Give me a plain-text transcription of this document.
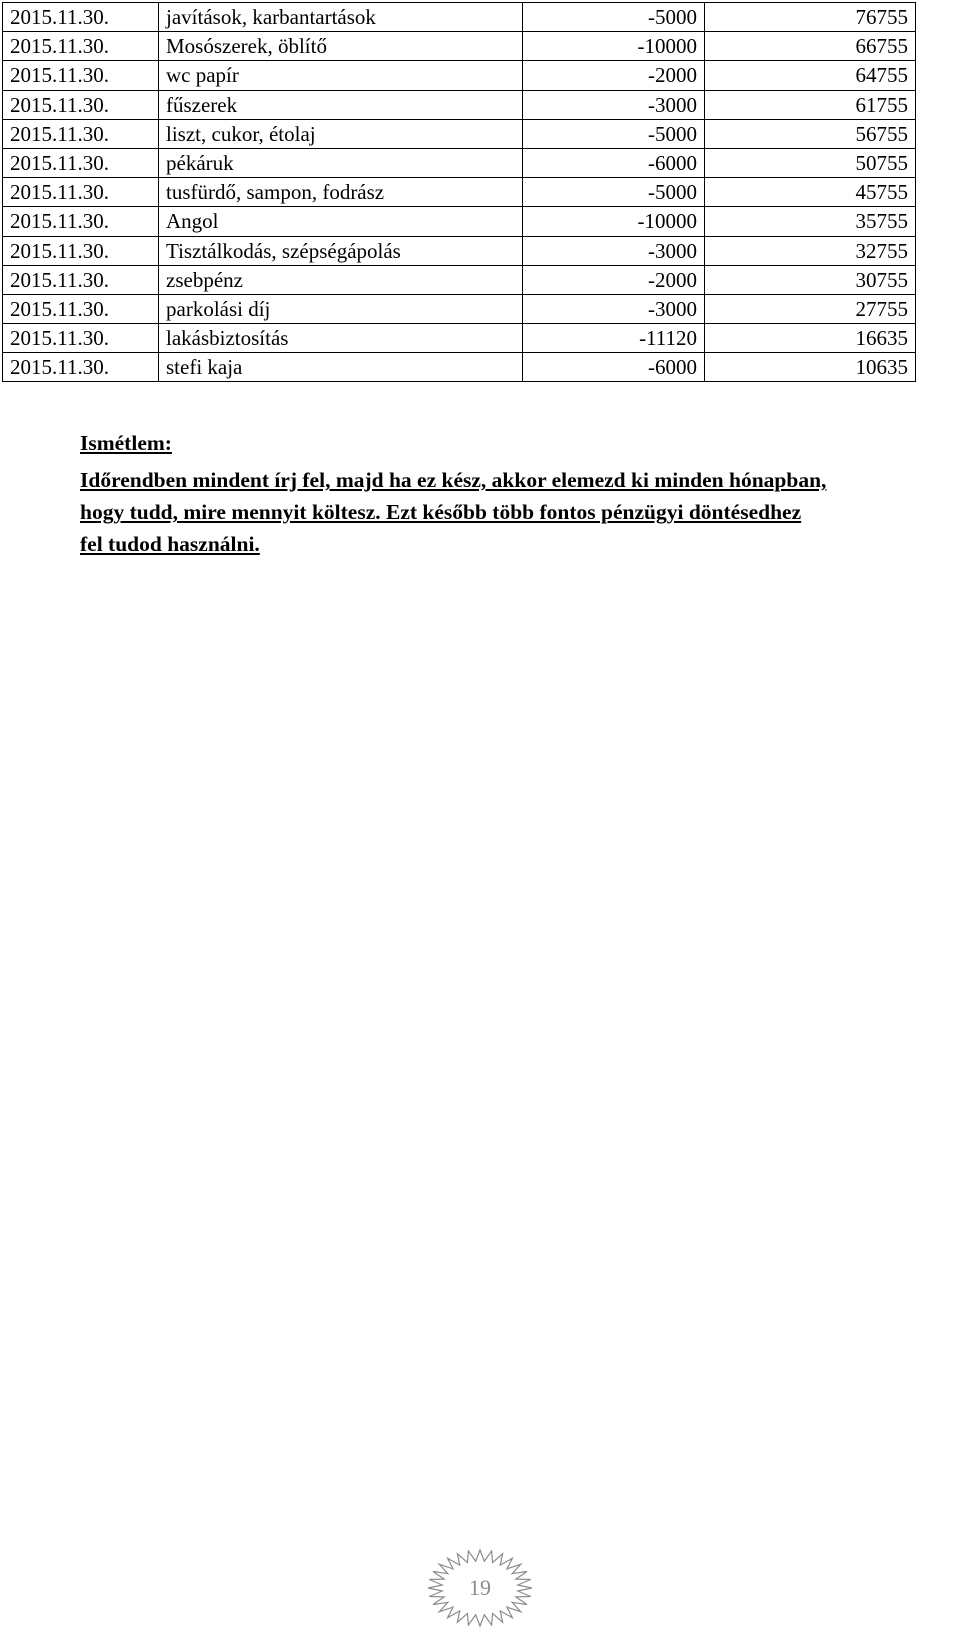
2015.11.30.	javítások, karbantartások	-5000	76755
2015.11.30.	Mosószerek, öblítő	-10000	66755
2015.11.30.	wc papír	-2000	64755
2015.11.30.	fűszerek	-3000	61755
2015.11.30.	liszt, cukor, étolaj	-5000	56755
2015.11.30.	pékáruk	-6000	50755
2015.11.30.	tusfürdő, sampon, fodrász	-5000	45755
2015.11.30.	Angol	-10000	35755
2015.11.30.	Tisztálkodás, szépségápolás	-3000	32755
2015.11.30.	zsebpénz	-2000	30755
2015.11.30.	parkolási díj	-3000	27755
2015.11.30.	lakásbiztosítás	-11120	16635
2015.11.30.	stefi kaja	-6000	10635
Ismétlem:
Időrendben mindent írj fel, majd ha ez kész, akkor elemezd ki minden hónapban,
hogy tudd, mire mennyit költesz. Ezt később több fontos pénzügyi döntésedhez
fel tudod használni.
19
